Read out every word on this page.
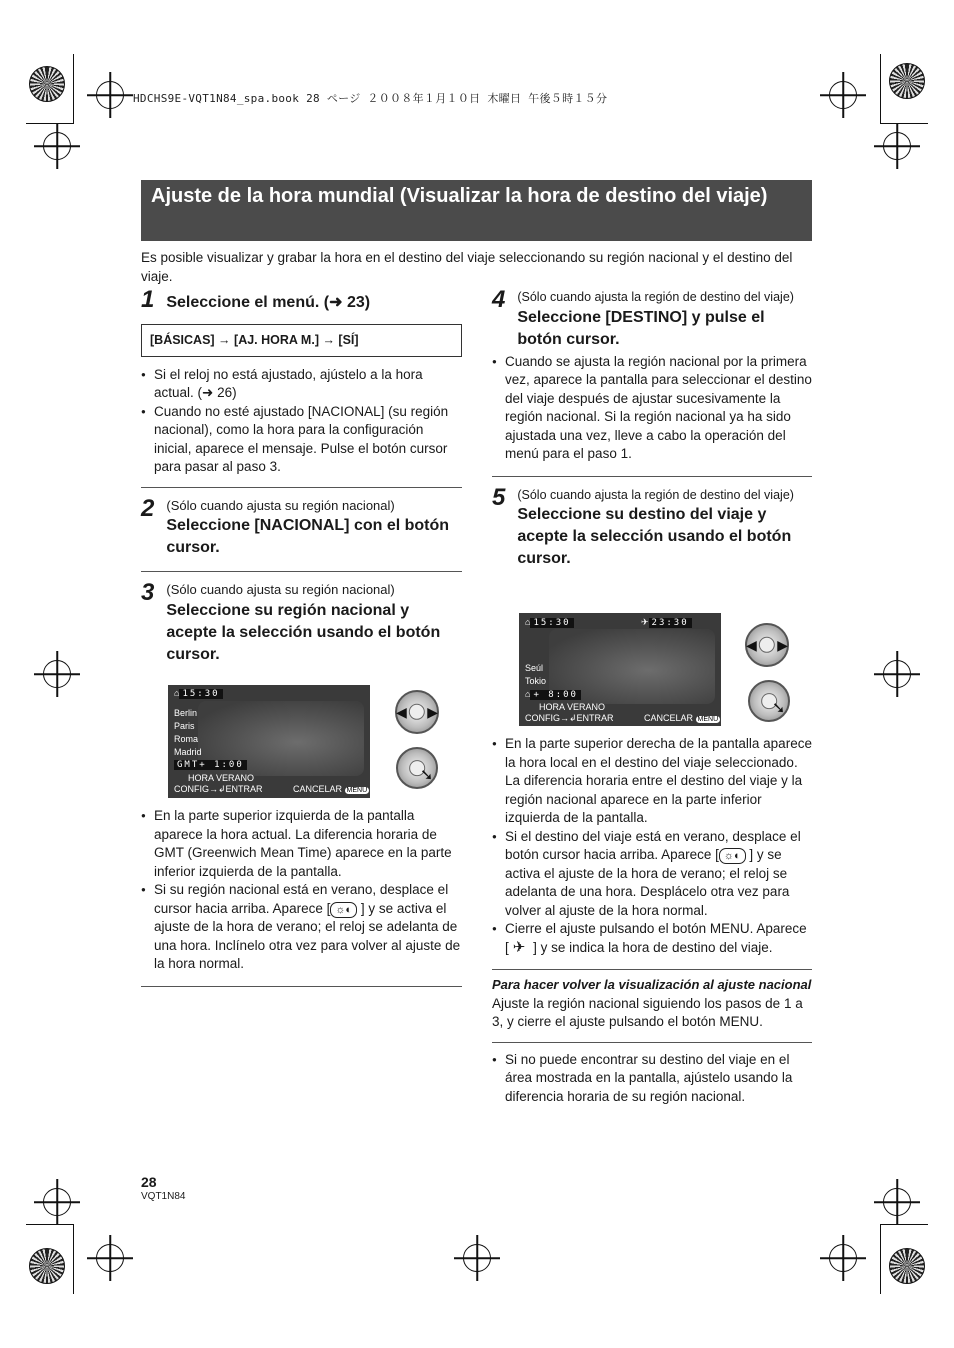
HDCHS9E-VQT1N84_spa.book 28 ページ ２００８年１月１０日 木曜日 午後５時１５分
Ajuste de la hora mundial (Visualizar la hora de destino del viaje)
Es posible visualizar y grabar la hora en el destino del viaje seleccionando su región nacional y el destino del viaje.
1 Seleccione el menú. (➜ 23)
[BÁSICAS] → [AJ. HORA M.] → [SÍ]
● Si el reloj no está ajustado, ajústelo a la hora actual. (➜ 26)
● Cuando no esté ajustado [NACIONAL] (su región nacional), como la hora para la configuración inicial, aparece el mensaje. Pulse el botón cursor para pasar al paso 3.
2 (Sólo cuando ajusta su región nacional)
Seleccione [NACIONAL] con el botón cursor.
3 (Sólo cuando ajusta su región nacional)
Seleccione su región nacional y acepte la selección usando el botón cursor.
⌂ 15:30
Berlin
Paris
Roma
Madrid
GMT+ 1:00
HORA VERANO
CONFIG→↲ENTRAR	CANCELAR MENU
◀ ▶
➘
● En la parte superior izquierda de la pantalla aparece la hora actual. La diferencia horaria de GMT (Greenwich Mean Time) aparece en la parte inferior izquierda de la pantalla.
● Si su región nacional está en verano, desplace el cursor hacia arriba. Aparece [ ☼◐ ] y se activa el ajuste de la hora de verano; el reloj se adelanta de una hora. Inclínelo otra vez para volver al ajuste de la hora normal.
4 (Sólo cuando ajusta la región de destino del viaje)
Seleccione [DESTINO] y pulse el botón cursor.
● Cuando se ajusta la región nacional por la primera vez, aparece la pantalla para seleccionar el destino del viaje después de ajustar sucesivamente la región nacional. Si la región nacional ya ha sido ajustada una vez, lleve a cabo la operación del menú para el paso 1.
5 (Sólo cuando ajusta la región de destino del viaje)
Seleccione su destino del viaje y acepte la selección usando el botón cursor.
⌂ 15:30	✈ 23:30
Seúl
Tokio
⌂ + 8:00
HORA VERANO
CONFIG→↲ENTRAR	CANCELAR MENU
◀ ▶
➘
● En la parte superior derecha de la pantalla aparece la hora local en el destino del viaje seleccionado. La diferencia horaria entre el destino del viaje y la región nacional aparece en la parte inferior izquierda de la pantalla.
● Si el destino del viaje está en verano, desplace el botón cursor hacia arriba. Aparece [ ☼◐ ] y se activa el ajuste de la hora de verano; el reloj se adelanta de una hora. Desplácelo otra vez para volver al ajuste de la hora normal.
● Cierre el ajuste pulsando el botón MENU. Aparece [ ✈ ] y se indica la hora de destino del viaje.
Para hacer volver la visualización al ajuste nacional
Ajuste la región nacional siguiendo los pasos de 1 a 3, y cierre el ajuste pulsando el botón MENU.
● Si no puede encontrar su destino del viaje en el área mostrada en la pantalla, ajústelo usando la diferencia horaria de su región nacional.
28
VQT1N84
